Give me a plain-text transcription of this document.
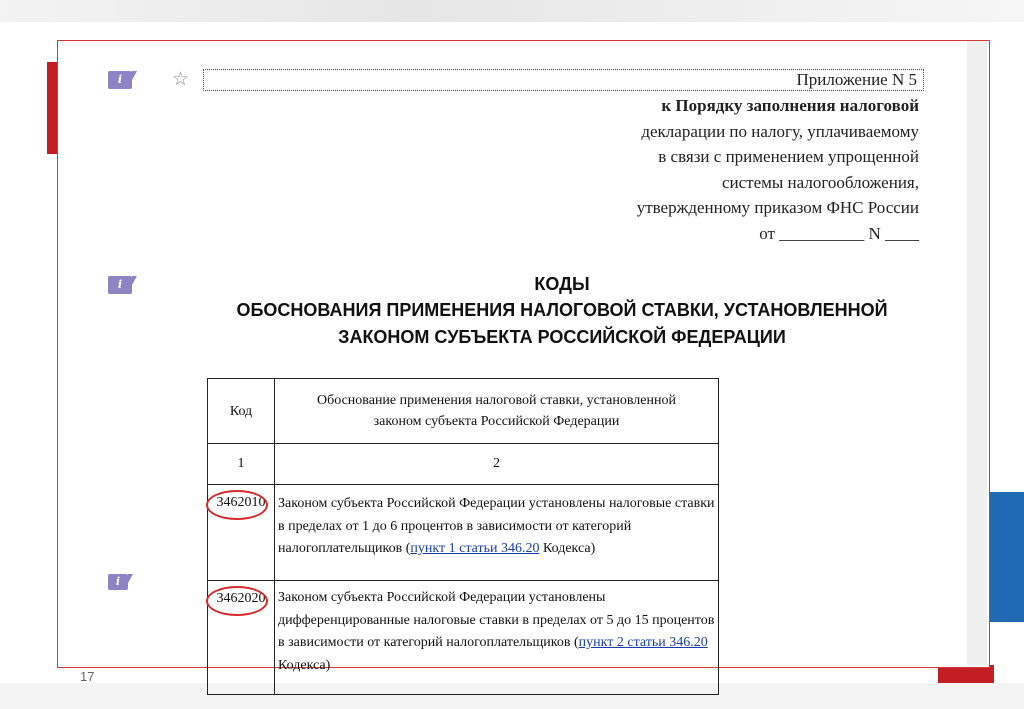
17
i	☆
i
i
Приложение N 5
к Порядку заполнения налоговой
декларации по налогу, уплачиваемому
в связи с применением упрощенной
системы налогообложения,
утвержденному приказом ФНС России
от __________ N ____
КОДЫ
ОБОСНОВАНИЯ ПРИМЕНЕНИЯ НАЛОГОВОЙ СТАВКИ, УСТАНОВЛЕННОЙ
ЗАКОНОМ СУБЪЕКТА РОССИЙСКОЙ ФЕДЕРАЦИИ
Код	Обоснование применения налоговой ставки, установленной законом субъекта Российской Федерации
1	2

3462010	Законом субъекта Российской Федерации установлены налоговые ставки в пределах от 1 до 6 процентов в зависимости от категорий налогоплательщиков (пункт 1 статьи 346.20 Кодекса)

3462020	Законом субъекта Российской Федерации установлены дифференцированные налоговые ставки в пределах от 5 до 15 процентов в зависимости от категорий налогоплательщиков (пункт 2 статьи 346.20 Кодекса)
